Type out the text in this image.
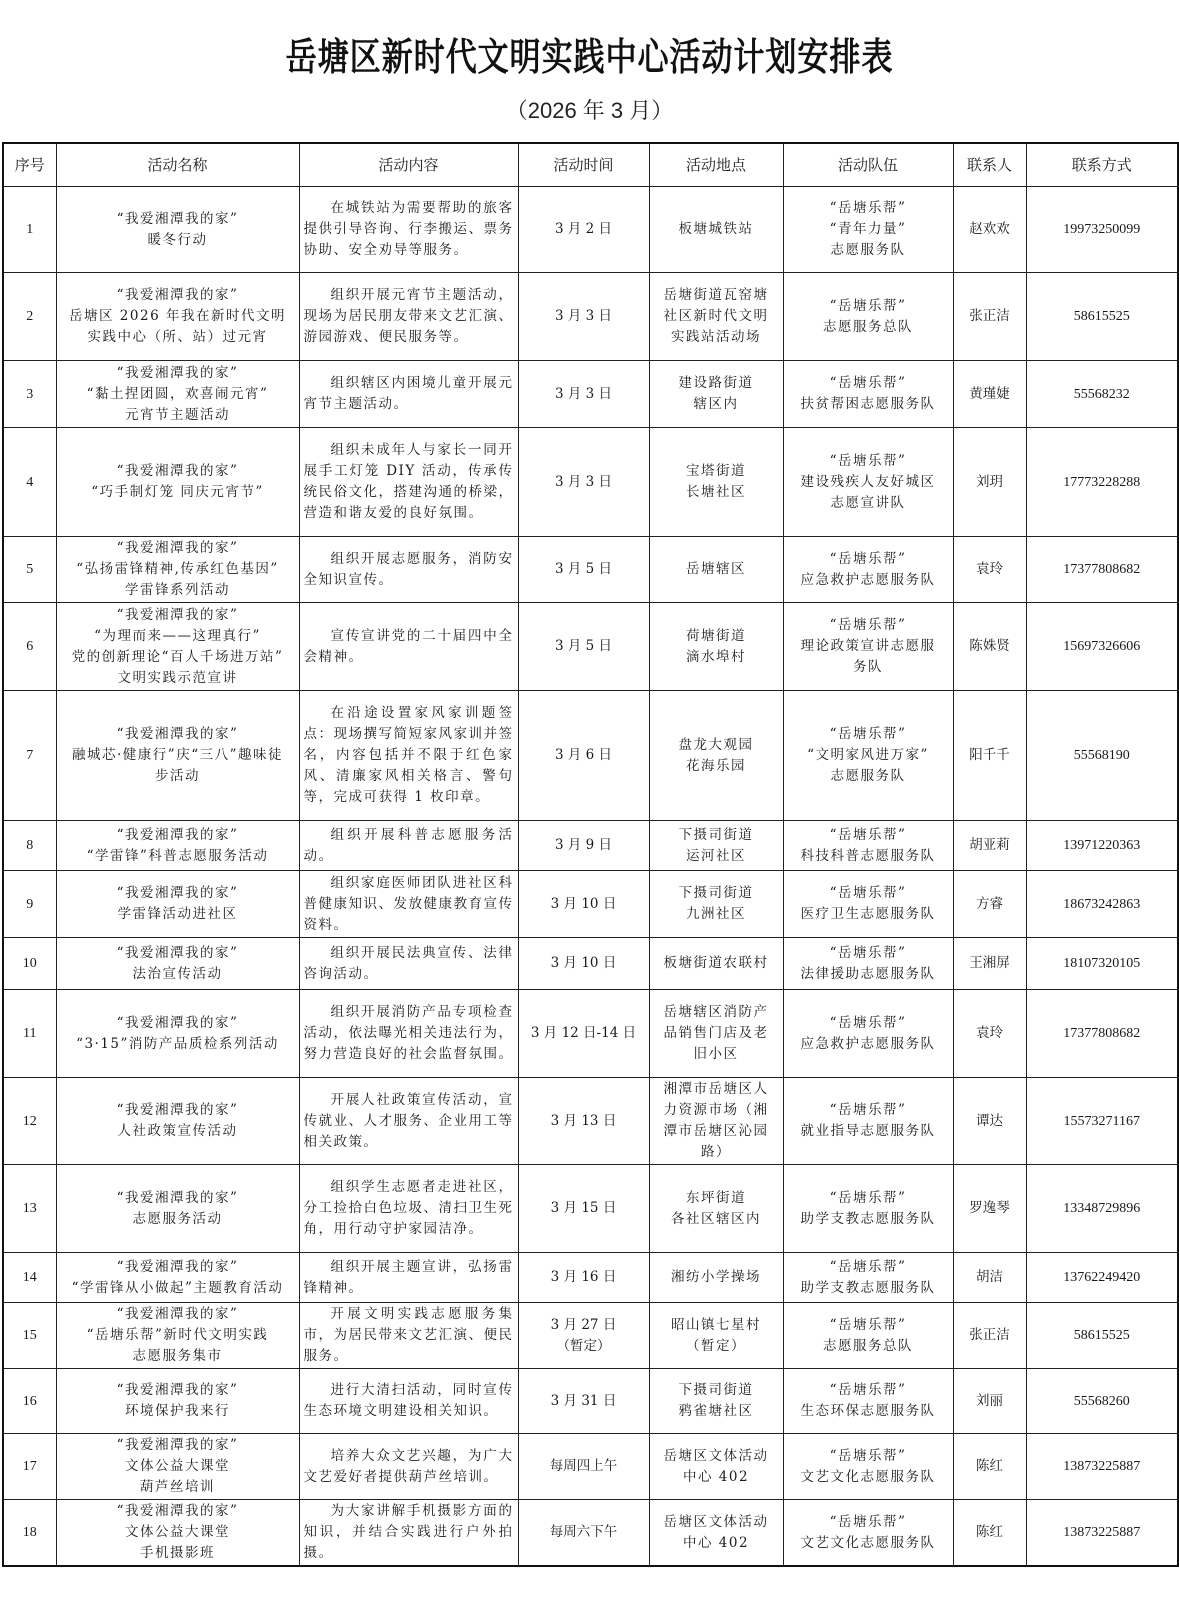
岳塘区新时代文明实践中心活动计划安排表
（2026 年 3 月）
序号	活动名称	活动内容	活动时间	活动地点	活动队伍	联系人	联系方式
1	“我爱湘潭我的家”
暖冬行动	在城铁站为需要帮助的旅客提供引导咨询、行李搬运、票务协助、安全劝导等服务。	3 月 2 日	板塘城铁站	“岳塘乐帮”
“青年力量”
志愿服务队	赵欢欢	19973250099
2	“我爱湘潭我的家”
岳塘区 2026 年我在新时代文明
实践中心（所、站）过元宵	组织开展元宵节主题活动，现场为居民朋友带来文艺汇演、游园游戏、便民服务等。	3 月 3 日	岳塘街道瓦窑塘
社区新时代文明
实践站活动场	“岳塘乐帮”
志愿服务总队	张正洁	58615525
3	“我爱湘潭我的家”
“黏土捏团圆，欢喜闹元宵”
元宵节主题活动	组织辖区内困境儿童开展元宵节主题活动。	3 月 3 日	建设路街道
辖区内	“岳塘乐帮”
扶贫帮困志愿服务队	黄瑾婕	55568232
4	“我爱湘潭我的家”
“巧手制灯笼 同庆元宵节”	组织未成年人与家长一同开展手工灯笼 DIY 活动，传承传统民俗文化，搭建沟通的桥梁，营造和谐友爱的良好氛围。	3 月 3 日	宝塔街道
长塘社区	“岳塘乐帮”
建设残疾人友好城区
志愿宣讲队	刘玥	17773228288
5	“我爱湘潭我的家”
“弘扬雷锋精神,传承红色基因”
学雷锋系列活动	组织开展志愿服务，消防安全知识宣传。	3 月 5 日	岳塘辖区	“岳塘乐帮”
应急救护志愿服务队	袁玲	17377808682
6	“我爱湘潭我的家”
“为理而来——这理真行”
党的创新理论“百人千场进万站”
文明实践示范宣讲	宣传宣讲党的二十届四中全会精神。	3 月 5 日	荷塘街道
滴水埠村	“岳塘乐帮”
理论政策宣讲志愿服
务队	陈姝贤	15697326606
7	“我爱湘潭我的家”
融城芯·健康行”庆“三八”趣味徒
步活动	在沿途设置家风家训题签点：现场撰写简短家风家训并签名，内容包括并不限于红色家风、清廉家风相关格言、警句等，完成可获得 1 枚印章。	3 月 6 日	盘龙大观园
花海乐园	“岳塘乐帮”
“文明家风进万家”
志愿服务队	阳千千	55568190
8	“我爱湘潭我的家”
“学雷锋”科普志愿服务活动	组织开展科普志愿服务活动。	3 月 9 日	下摄司街道
运河社区	“岳塘乐帮”
科技科普志愿服务队	胡亚莉	13971220363
9	“我爱湘潭我的家”
学雷锋活动进社区	组织家庭医师团队进社区科普健康知识、发放健康教育宣传资料。	3 月 10 日	下摄司街道
九洲社区	“岳塘乐帮”
医疗卫生志愿服务队	方睿	18673242863
10	“我爱湘潭我的家”
法治宣传活动	组织开展民法典宣传、法律咨询活动。	3 月 10 日	板塘街道农联村	“岳塘乐帮”
法律援助志愿服务队	王湘屏	18107320105
11	“我爱湘潭我的家”
“3·15”消防产品质检系列活动	组织开展消防产品专项检查活动，依法曝光相关违法行为，努力营造良好的社会监督氛围。	3 月 12 日-14 日	岳塘辖区消防产
品销售门店及老
旧小区	“岳塘乐帮”
应急救护志愿服务队	袁玲	17377808682
12	“我爱湘潭我的家”
人社政策宣传活动	开展人社政策宣传活动，宣传就业、人才服务、企业用工等相关政策。	3 月 13 日	湘潭市岳塘区人
力资源市场（湘
潭市岳塘区沁园
路）	“岳塘乐帮”
就业指导志愿服务队	谭达	15573271167
13	“我爱湘潭我的家”
志愿服务活动	组织学生志愿者走进社区，分工捡拾白色垃圾、清扫卫生死角，用行动守护家园洁净。	3 月 15 日	东坪街道
各社区辖区内	“岳塘乐帮”
助学支教志愿服务队	罗逸琴	13348729896
14	“我爱湘潭我的家”
“学雷锋从小做起”主题教育活动	组织开展主题宣讲，弘扬雷锋精神。	3 月 16 日	湘纺小学操场	“岳塘乐帮”
助学支教志愿服务队	胡洁	13762249420
15	“我爱湘潭我的家”
“岳塘乐帮”新时代文明实践
志愿服务集市	开展文明实践志愿服务集市，为居民带来文艺汇演、便民服务。	3 月 27 日
（暂定）	昭山镇七星村
（暂定）	“岳塘乐帮”
志愿服务总队	张正洁	58615525
16	“我爱湘潭我的家”
环境保护我来行	进行大清扫活动，同时宣传生态环境文明建设相关知识。	3 月 31 日	下摄司街道
鸦雀塘社区	“岳塘乐帮”
生态环保志愿服务队	刘丽	55568260
17	“我爱湘潭我的家”
文体公益大课堂
葫芦丝培训	培养大众文艺兴趣，为广大文艺爱好者提供葫芦丝培训。	每周四上午	岳塘区文体活动
中心 402	“岳塘乐帮”
文艺文化志愿服务队	陈红	13873225887
18	“我爱湘潭我的家”
文体公益大课堂
手机摄影班	为大家讲解手机摄影方面的知识，并结合实践进行户外拍摄。	每周六下午	岳塘区文体活动
中心 402	“岳塘乐帮”
文艺文化志愿服务队	陈红	13873225887
